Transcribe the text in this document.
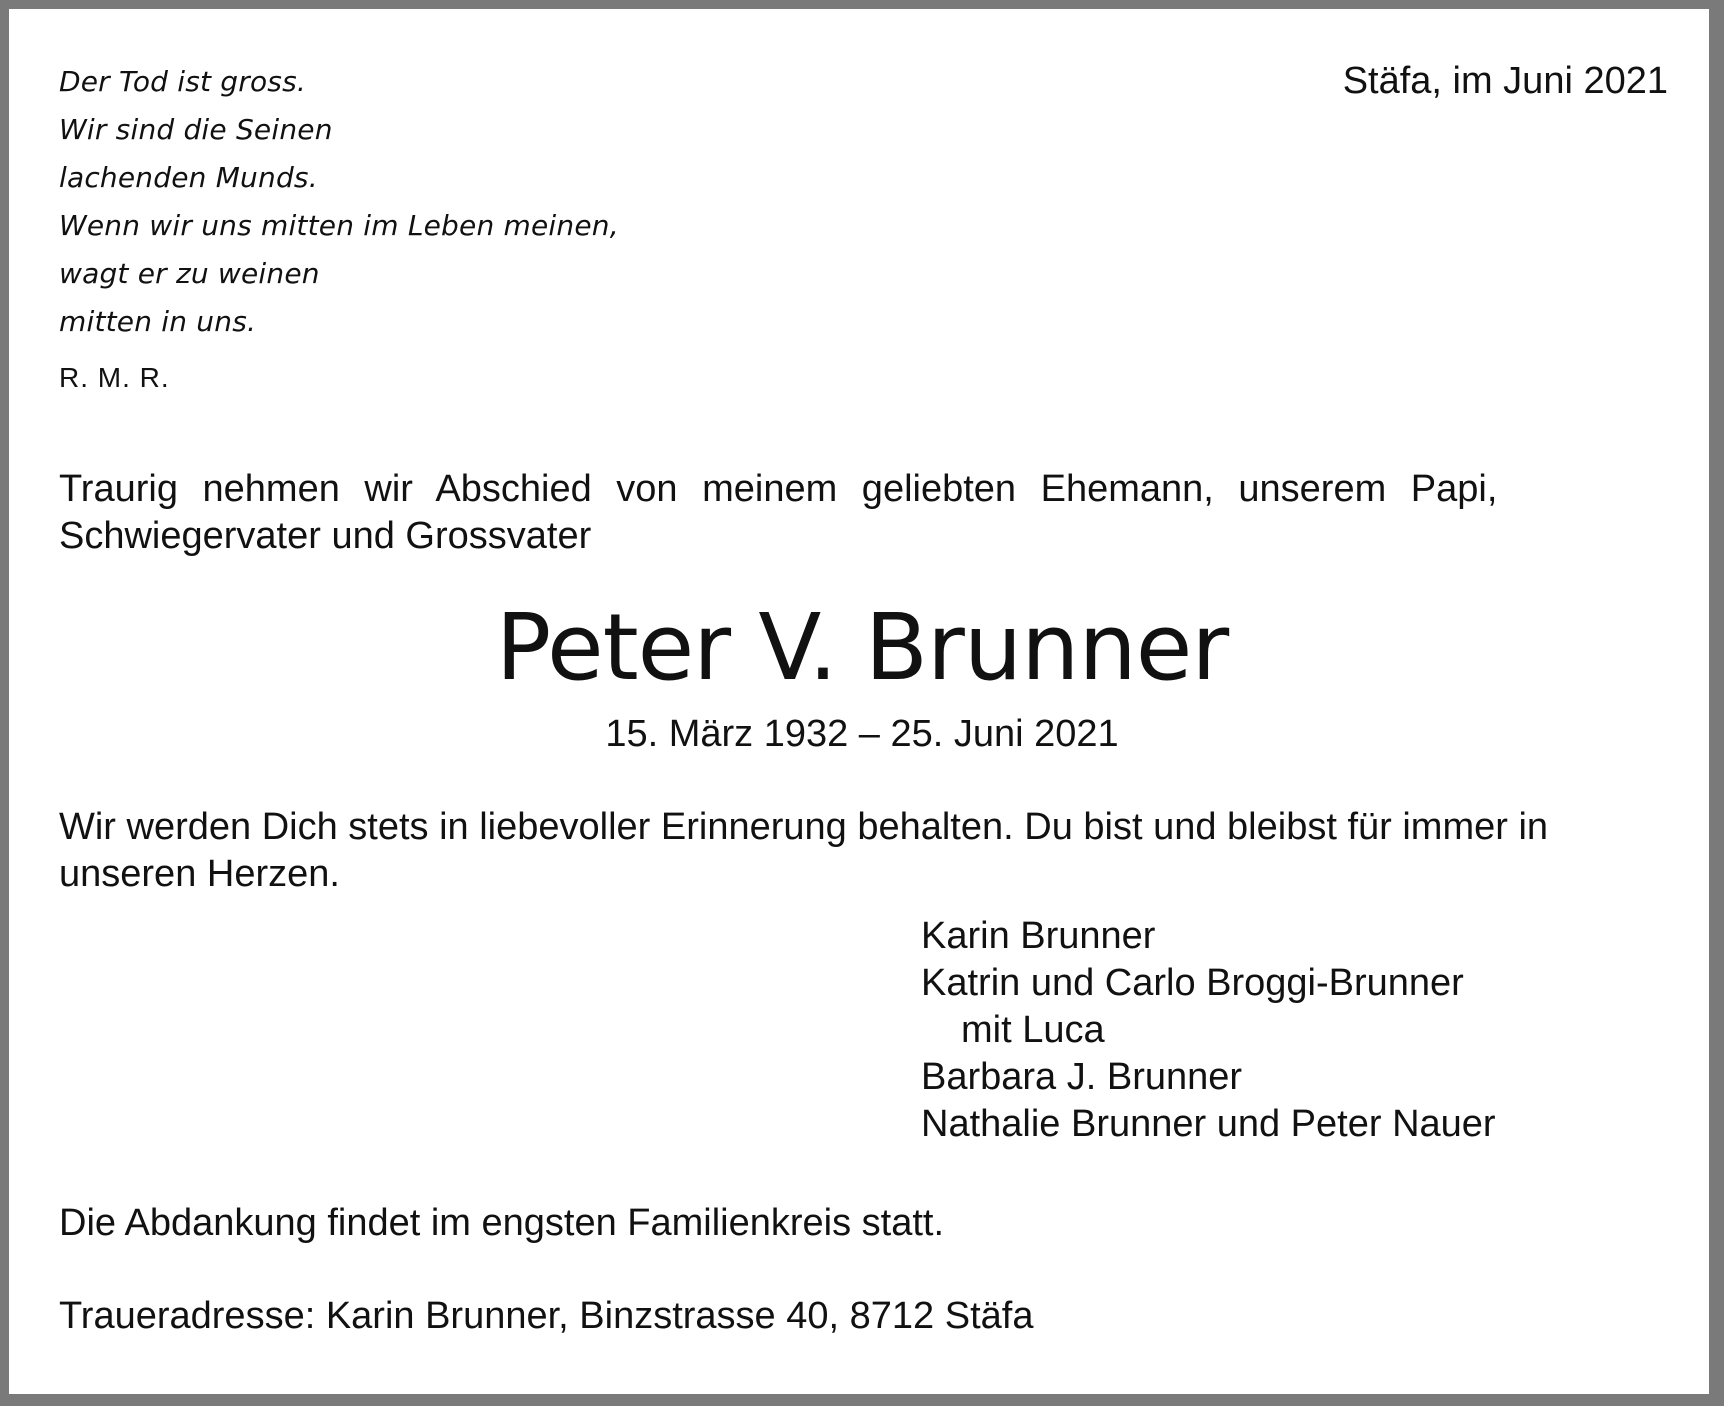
Der Tod ist gross.
Wir sind die Seinen
lachenden Munds.
Wenn wir uns mitten im Leben meinen,
wagt er zu weinen
mitten in uns.
R. M. R.
Stäfa, im Juni 2021

Traurig nehmen wir Abschied von meinem geliebten Ehemann, unserem Papi,
Schwiegervater und Grossvater

Peter V. Brunner
15. März 1932 – 25. Juni 2021

Wir werden Dich stets in liebevoller Erinnerung behalten. Du bist und bleibst für immer in unseren Herzen.

Karin Brunner
Katrin und Carlo Broggi-Brunner
mit Luca
Barbara J. Brunner
Nathalie Brunner und Peter Nauer
Die Abdankung findet im engsten Familienkreis statt.
Traueradresse: Karin Brunner, Binzstrasse 40, 8712 Stäfa
